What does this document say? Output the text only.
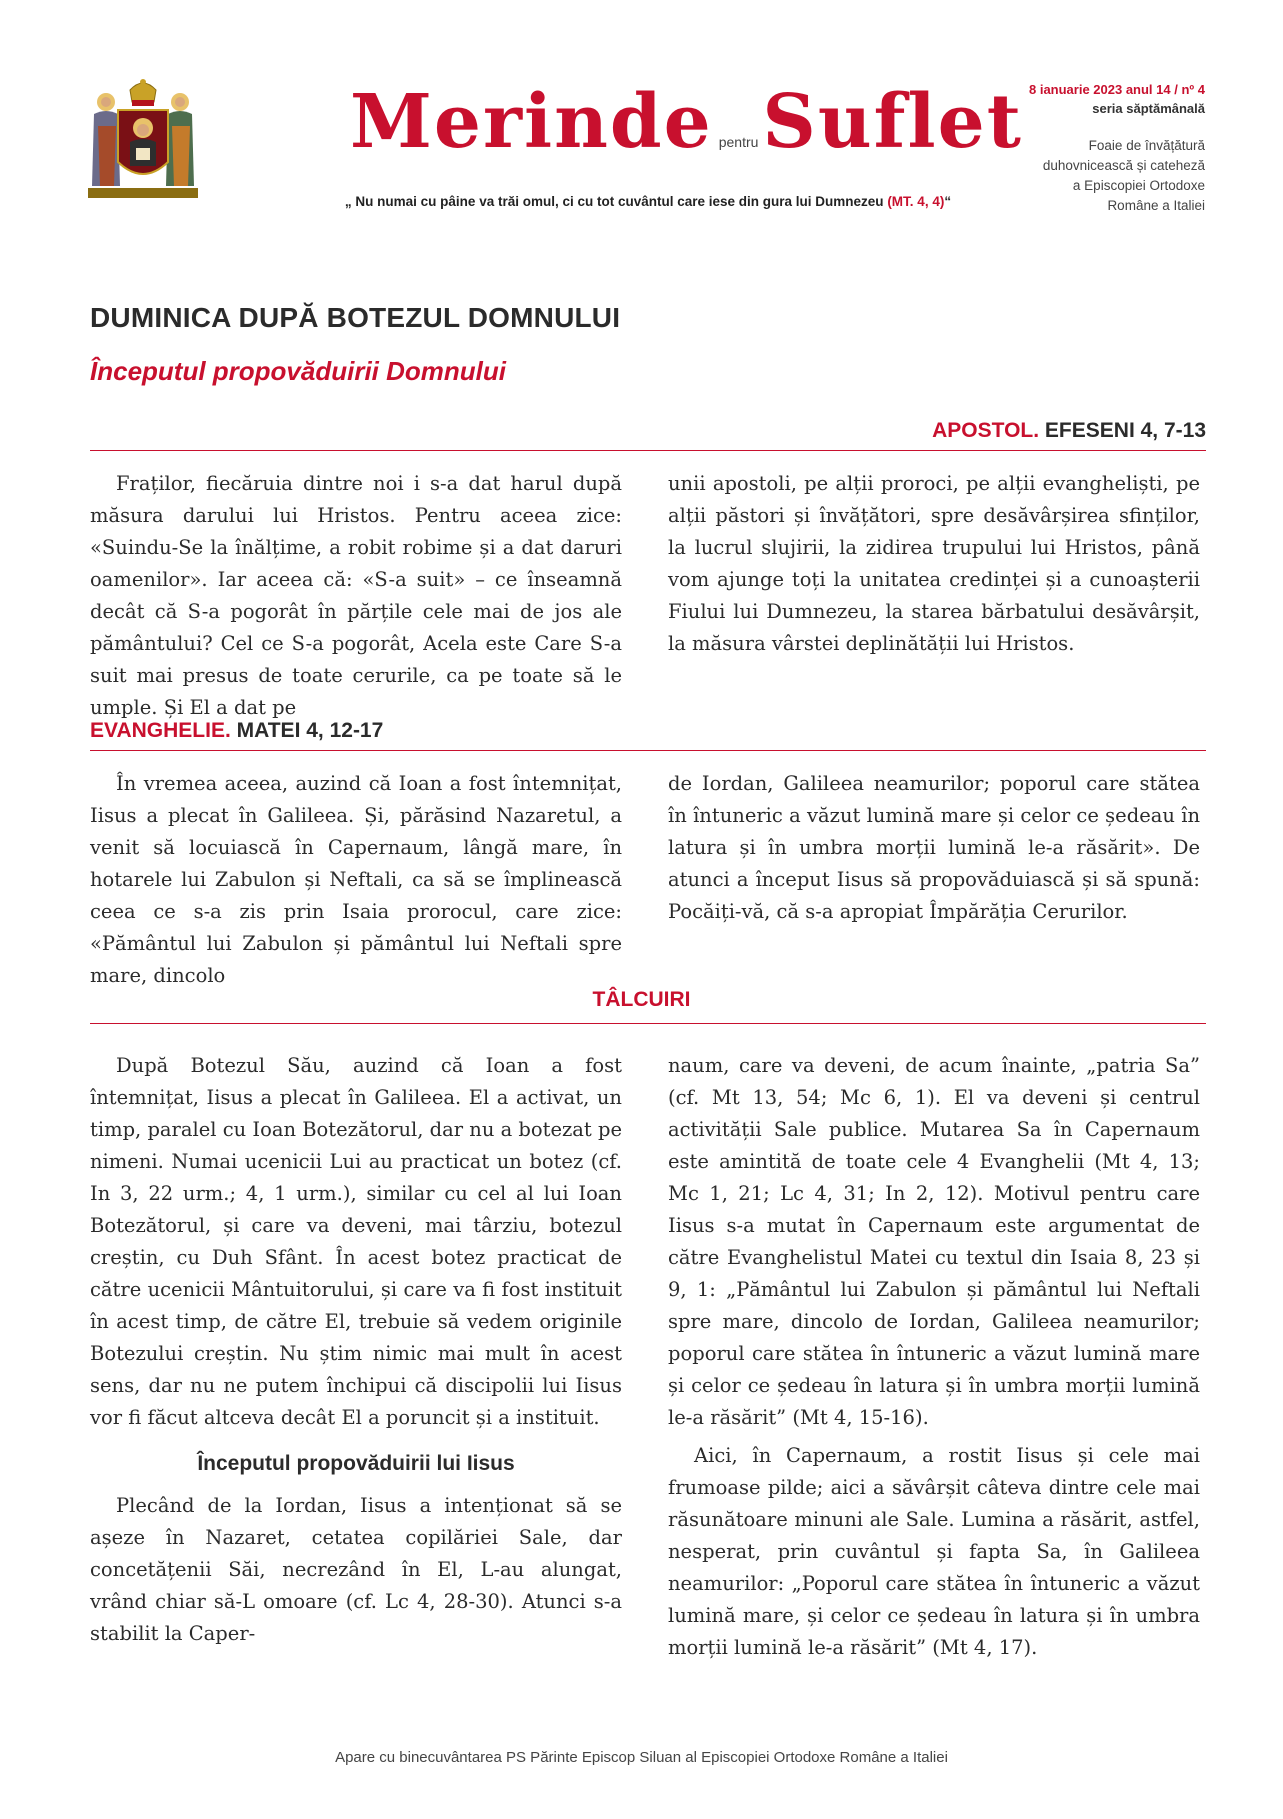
Merinde pentruSuflet
„ Nu numai cu pâine va trăi omul, ci cu tot cuvântul care iese din gura lui Dumnezeu (MT. 4, 4)“
8 ianuarie 2023 anul 14 / nº 4
seria săptămânală
Foaie de învățătură
duhovnicească și cateheză
a Episcopiei Ortodoxe
Române a Italiei
DUMINICA DUPĂ BOTEZUL DOMNULUI
Începutul propovăduirii Domnului
APOSTOL. EFESENI 4, 7-13

Fraților, fiecăruia dintre noi i s-a dat harul după măsura darului lui Hristos. Pentru aceea zice: «Suindu-Se la înălțime, a robit robime și a dat daruri oamenilor». Iar aceea că: «S-a suit» – ce înseamnă decât că S-a pogorât în părțile cele mai de jos ale pământului? Cel ce S-a pogorât, Acela este Care S-a suit mai presus de toate cerurile, ca pe toate să le umple. Și El a dat pe

unii apostoli, pe alții proroci, pe alții evangheliști, pe alții păstori și învățători, spre desăvârșirea sfinților, la lucrul slujirii, la zidirea trupului lui Hristos, până vom ajunge toți la unitatea credinței și a cunoașterii Fiului lui Dumnezeu, la starea bărbatului desăvârșit, la măsura vârstei deplinătății lui Hristos.

EVANGHELIE. MATEI 4, 12-17

În vremea aceea, auzind că Ioan a fost întemnițat, Iisus a plecat în Galileea. Și, părăsind Nazaretul, a venit să locuiască în Capernaum, lângă mare, în hotarele lui Zabulon și Neftali, ca să se împlinească ceea ce s-a zis prin Isaia prorocul, care zice: «Pământul lui Zabulon și pământul lui Neftali spre mare, dincolo

de Iordan, Galileea neamurilor; poporul care stătea în întuneric a văzut lumină mare și celor ce ședeau în latura și în umbra morții lumină le-a răsărit». De atunci a început Iisus să propovăduiască și să spună: Pocăiți-vă, că s-a apropiat Împărăția Cerurilor.

TÂLCUIRI

După Botezul Său, auzind că Ioan a fost întemnițat, Iisus a plecat în Galileea. El a activat, un timp, paralel cu Ioan Botezătorul, dar nu a botezat pe nimeni. Numai ucenicii Lui au practicat un botez (cf. In 3, 22 urm.; 4, 1 urm.), similar cu cel al lui Ioan Botezătorul, și care va deveni, mai târziu, botezul creștin, cu Duh Sfânt. În acest botez practicat de către ucenicii Mântuitorului, și care va fi fost instituit în acest timp, de către El, trebuie să vedem originile Botezului creștin. Nu știm nimic mai mult în acest sens, dar nu ne putem închipui că discipolii lui Iisus vor fi făcut altceva decât El a poruncit și a instituit.

Începutul propovăduirii lui Iisus

Plecând de la Iordan, Iisus a intenționat să se așeze în Nazaret, cetatea copilăriei Sale, dar concetățenii Săi, necrezând în El, L-au alungat, vrând chiar să-L omoare (cf. Lc 4, 28-30). Atunci s-a stabilit la Caper-

naum, care va deveni, de acum înainte, „patria Sa” (cf. Mt 13, 54; Mc 6, 1). El va deveni și centrul activității Sale publice. Mutarea Sa în Capernaum este amintită de toate cele 4 Evanghelii (Mt 4, 13; Mc 1, 21; Lc 4, 31; In 2, 12). Motivul pentru care Iisus s-a mutat în Capernaum este argumentat de către Evanghelistul Matei cu textul din Isaia 8, 23 și 9, 1: „Pământul lui Zabulon și pământul lui Neftali spre mare, dincolo de Iordan, Galileea neamurilor; poporul care stătea în întuneric a văzut lumină mare și celor ce ședeau în latura și în umbra morții lumină le-a răsărit” (Mt 4, 15-16).

Aici, în Capernaum, a rostit Iisus și cele mai frumoase pilde; aici a săvârșit câteva dintre cele mai răsunătoare minuni ale Sale. Lumina a răsărit, astfel, nesperat, prin cuvântul și fapta Sa, în Galileea neamurilor: „Poporul care stătea în întuneric a văzut lumină mare, și celor ce ședeau în latura și în umbra morții lumină le-a răsărit” (Mt 4, 17).

Apare cu binecuvântarea PS Părinte Episcop Siluan al Episcopiei Ortodoxe Române a Italiei
